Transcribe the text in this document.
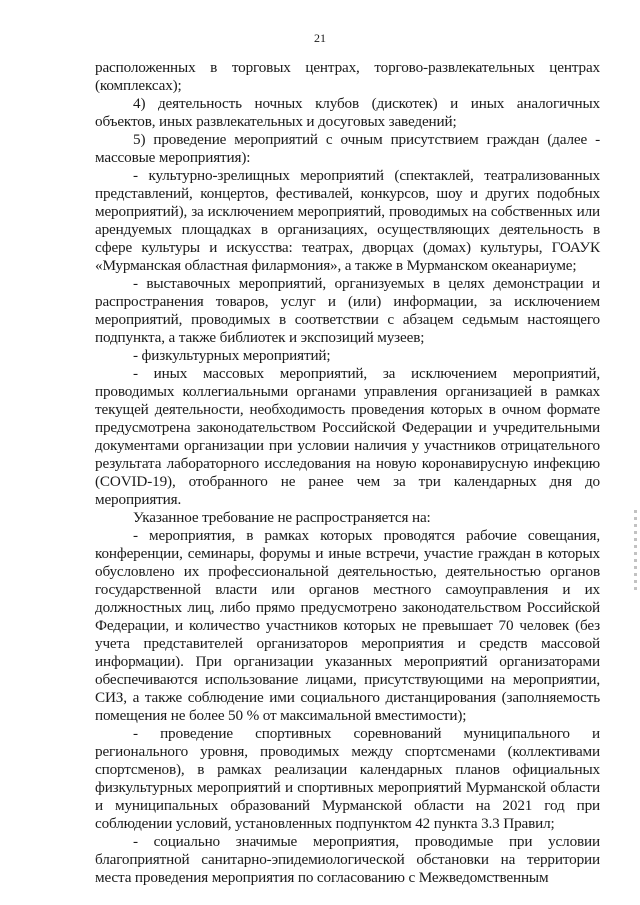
21

расположенных в торговых центрах, торгово-развлекательных центрах (комплексах);

4) деятельность ночных клубов (дискотек) и иных аналогичных объектов, иных развлекательных и досуговых заведений;

5) проведение мероприятий с очным присутствием граждан (далее - массовые мероприятия):

- культурно-зрелищных мероприятий (спектаклей, театрализованных представлений, концертов, фестивалей, конкурсов, шоу и других подобных мероприятий), за исключением мероприятий, проводимых на собственных или арендуемых площадках в организациях, осуществляющих деятельность в сфере культуры и искусства: театрах, дворцах (домах) культуры, ГОАУК «Мурманская областная филармония», а также в Мурманском океанариуме;

- выставочных мероприятий, организуемых в целях демонстрации и распространения товаров, услуг и (или) информации, за исключением мероприятий, проводимых в соответствии с абзацем седьмым настоящего подпункта, а также библиотек и экспозиций музеев;

- физкультурных мероприятий;

- иных массовых мероприятий, за исключением мероприятий, проводимых коллегиальными органами управления организацией в рамках текущей деятельности, необходимость проведения которых в очном формате предусмотрена законодательством Российской Федерации и учредительными документами организации при условии наличия у участников отрицательного результата лабораторного исследования на новую коронавирусную инфекцию (COVID-19), отобранного не ранее чем за три календарных дня до мероприятия.

Указанное требование не распространяется на:

- мероприятия, в рамках которых проводятся рабочие совещания, конференции, семинары, форумы и иные встречи, участие граждан в которых обусловлено их профессиональной деятельностью, деятельностью органов государственной власти или органов местного самоуправления и их должностных лиц, либо прямо предусмотрено законодательством Российской Федерации, и количество участников которых не превышает 70 человек (без учета представителей организаторов мероприятия и средств массовой информации). При организации указанных мероприятий организаторами обеспечиваются использование лицами, присутствующими на мероприятии, СИЗ, а также соблюдение ими социального дистанцирования (заполняемость помещения не более 50 % от максимальной вместимости);

- проведение спортивных соревнований муниципального и регионального уровня, проводимых между спортсменами (коллективами спортсменов), в рамках реализации календарных планов официальных физкультурных мероприятий и спортивных мероприятий Мурманской области и муниципальных образований Мурманской области на 2021 год при соблюдении условий, установленных подпунктом 42 пункта 3.3 Правил;

- социально значимые мероприятия, проводимые при условии благоприятной санитарно-эпидемиологической обстановки на территории места проведения мероприятия по согласованию с Межведомственным
